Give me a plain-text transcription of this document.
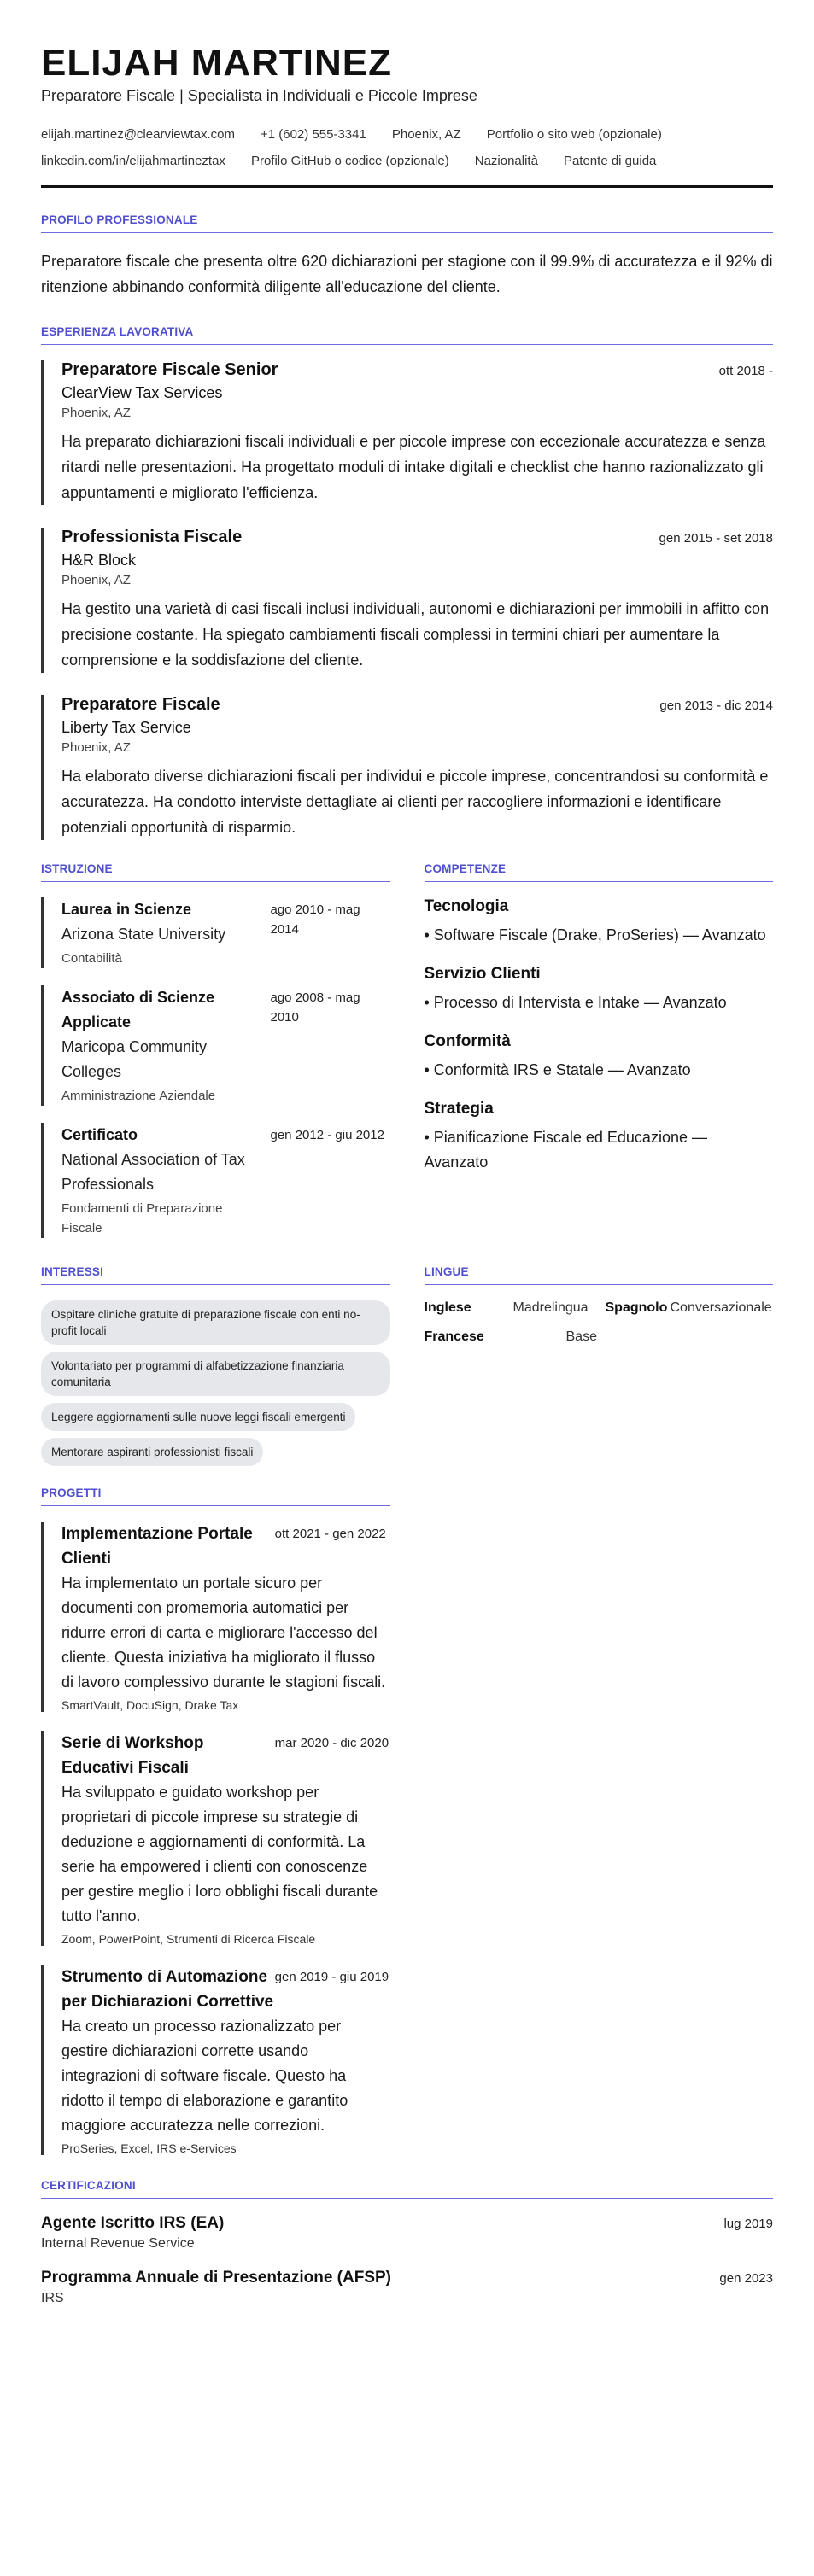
ELIJAH MARTINEZ
Preparatore Fiscale | Specialista in Individuali e Piccole Imprese
elijah.martinez@clearviewtax.com +1 (602) 555-3341 Phoenix, AZ Portfolio o sito web (opzionale)
linkedin.com/in/elijahmartineztax Profilo GitHub o codice (opzionale) Nazionalità Patente di guida
PROFILO PROFESSIONALE

Preparatore fiscale che presenta oltre 620 dichiarazioni per stagione con il 99.9% di accuratezza e il 92% di ritenzione abbinando conformità diligente all'educazione del cliente.

ESPERIENZA LAVORATIVA
Preparatore Fiscale Senior	ott 2018 -
ClearView Tax Services
Phoenix, AZ

Ha preparato dichiarazioni fiscali individuali e per piccole imprese con eccezionale accuratezza e senza ritardi nelle presentazioni. Ha progettato moduli di intake digitali e checklist che hanno razionalizzato gli appuntamenti e migliorato l'efficienza.

Professionista Fiscale	gen 2015 - set 2018
H&R Block
Phoenix, AZ

Ha gestito una varietà di casi fiscali inclusi individuali, autonomi e dichiarazioni per immobili in affitto con precisione costante. Ha spiegato cambiamenti fiscali complessi in termini chiari per aumentare la comprensione e la soddisfazione del cliente.

Preparatore Fiscale	gen 2013 - dic 2014
Liberty Tax Service
Phoenix, AZ

Ha elaborato diverse dichiarazioni fiscali per individui e piccole imprese, concentrandosi su conformità e accuratezza. Ha condotto interviste dettagliate ai clienti per raccogliere informazioni e identificare potenziali opportunità di risparmio.

ISTRUZIONE
Laurea in Scienze
Arizona State University
Contabilità
ago 2010 - mag 2014
Associato di Scienze Applicate
Maricopa Community Colleges
Amministrazione Aziendale
ago 2008 - mag 2010
Certificato
National Association of Tax Professionals
Fondamenti di Preparazione Fiscale
gen 2012 - giu 2012
COMPETENZE
Tecnologia
• Software Fiscale (Drake, ProSeries) — Avanzato
Servizio Clienti
• Processo di Intervista e Intake — Avanzato
Conformità
• Conformità IRS e Statale — Avanzato
Strategia
• Pianificazione Fiscale ed Educazione — Avanzato
INTERESSI
Ospitare cliniche gratuite di preparazione fiscale con enti no-profit locali
Volontariato per programmi di alfabetizzazione finanziaria comunitaria
Leggere aggiornamenti sulle nuove leggi fiscali emergenti
Mentorare aspiranti professionisti fiscali
LINGUE
Inglese	Madrelingua	Spagnolo Conversazionale
Francese	Base
PROGETTI
Implementazione Portale Clienti
ott 2021 - gen 2022

Ha implementato un portale sicuro per documenti con promemoria automatici per ridurre errori di carta e migliorare l'accesso del cliente. Questa iniziativa ha migliorato il flusso di lavoro complessivo durante le stagioni fiscali.

SmartVault, DocuSign, Drake Tax
Serie di Workshop Educativi Fiscali
mar 2020 - dic 2020

Ha sviluppato e guidato workshop per proprietari di piccole imprese su strategie di deduzione e aggiornamenti di conformità. La serie ha empowered i clienti con conoscenze per gestire meglio i loro obblighi fiscali durante tutto l'anno.

Zoom, PowerPoint, Strumenti di Ricerca Fiscale
Strumento di Automazione per Dichiarazioni Correttive
gen 2019 - giu 2019

Ha creato un processo razionalizzato per gestire dichiarazioni corrette usando integrazioni di software fiscale. Questo ha ridotto il tempo di elaborazione e garantito maggiore accuratezza nelle correzioni.

ProSeries, Excel, IRS e-Services
CERTIFICAZIONI
Agente Iscritto IRS (EA)	lug 2019
Internal Revenue Service
Programma Annuale di Presentazione (AFSP)	gen 2023
IRS
